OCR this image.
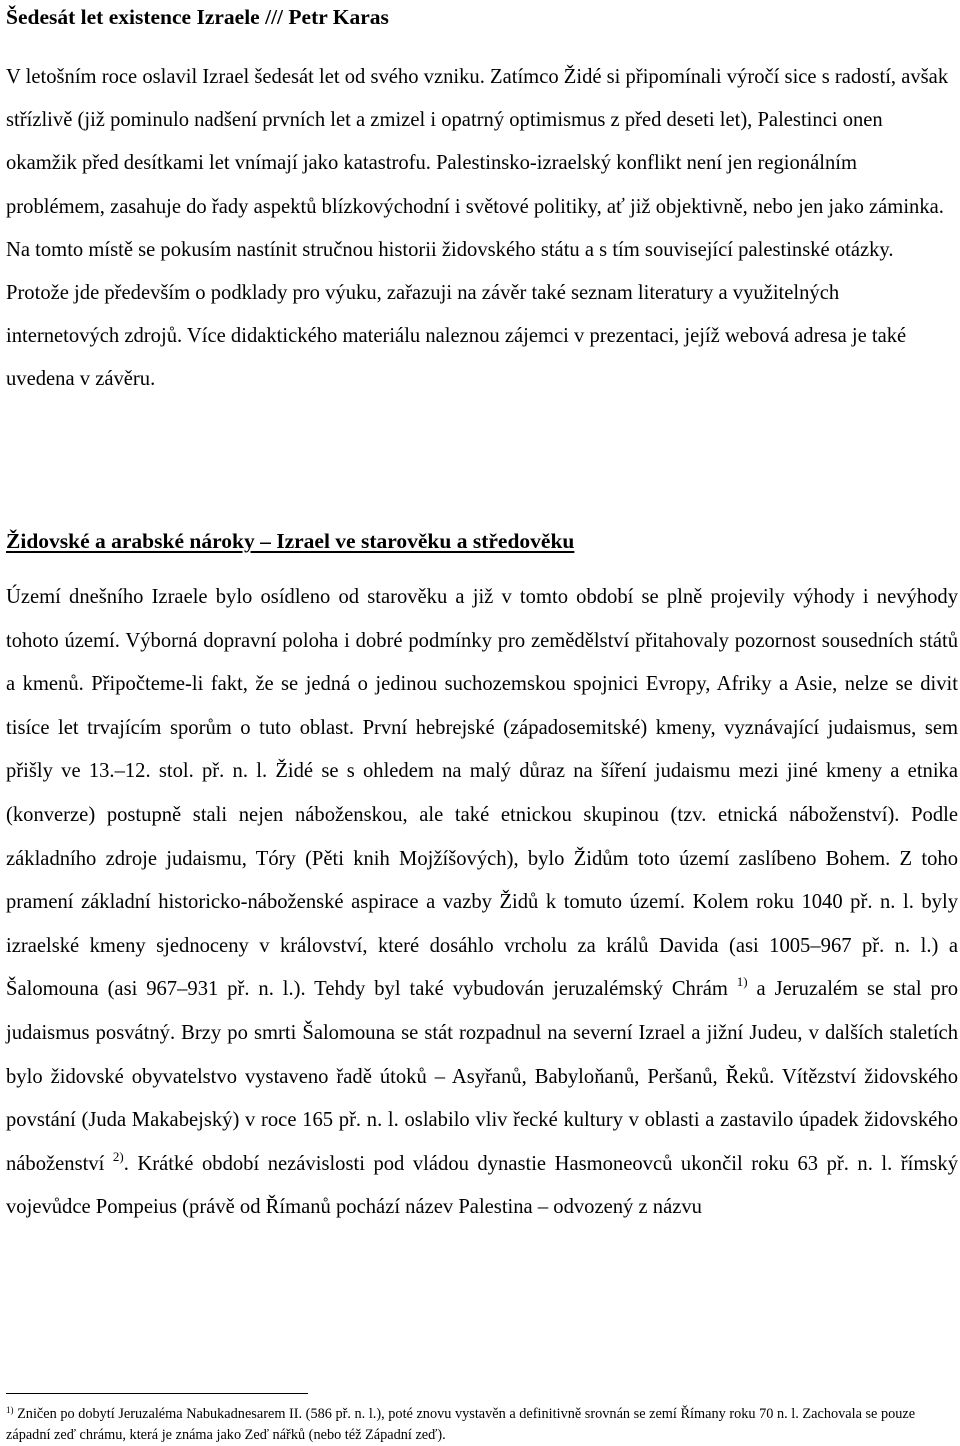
Šedesát let existence Izraele /// Petr Karas

V letošním roce oslavil Izrael šedesát let od svého vzniku. Zatímco Židé si připomínali výročí sice s radostí, avšak střízlivě (již pominulo nadšení prvních let a zmizel i opatrný optimismus z před deseti let), Palestinci onen okamžik před desítkami let vnímají jako katastrofu. Palestinsko-izraelský konflikt není jen regionálním problémem, zasahuje do řady aspektů blízkovýchodní i světové politiky, ať již objektivně, nebo jen jako záminka. Na tomto místě se pokusím nastínit stručnou historii židovského státu a s tím související palestinské otázky. Protože jde především o podklady pro výuku, zařazuji na závěr také seznam literatury a využitelných internetových zdrojů. Více didaktického materiálu naleznou zájemci v prezentaci, jejíž webová adresa je také uvedena v závěru.

Židovské a arabské nároky – Izrael ve starověku a středověku

Území dnešního Izraele bylo osídleno od starověku a již v tomto období se plně projevily výhody i nevýhody tohoto území. Výborná dopravní poloha i dobré podmínky pro zemědělství přitahovaly pozornost sousedních států a kmenů. Připočteme-li fakt, že se jedná o jedinou suchozemskou spojnici Evropy, Afriky a Asie, nelze se divit tisíce let trvajícím sporům o tuto oblast. První hebrejské (západosemitské) kmeny, vyznávající judaismus, sem přišly ve 13.–12. stol. př. n. l. Židé se s ohledem na malý důraz na šíření judaismu mezi jiné kmeny a etnika (konverze) postupně stali nejen náboženskou, ale také etnickou skupinou (tzv. etnická náboženství). Podle základního zdroje judaismu, Tóry (Pěti knih Mojžíšových), bylo Židům toto území zaslíbeno Bohem. Z toho pramení základní historicko-náboženské aspirace a vazby Židů k tomuto území. Kolem roku 1040 př. n. l. byly izraelské kmeny sjednoceny v království, které dosáhlo vrcholu za králů Davida (asi 1005–967 př. n. l.) a Šalomouna (asi 967–931 př. n. l.). Tehdy byl také vybudován jeruzalémský Chrám $^{1)}$ a Jeruzalém se stal pro judaismus posvátný. Brzy po smrti Šalomouna se stát rozpadnul na severní Izrael a jižní Judeu, v dalších staletích bylo židovské obyvatelstvo vystaveno řadě útoků – Asyřanů, Babyloňanů, Peršanů, Řeků. Vítězství židovského povstání (Juda Makabejský) v roce 165 př. n. l. oslabilo vliv řecké kultury v oblasti a zastavilo úpadek židovského náboženství $^{2)}$. Krátké období nezávislosti pod vládou dynastie Hasmoneovců ukončil roku 63 př. n. l. římský vojevůdce Pompeius (právě od Římanů pochází název Palestina – odvozený z názvu

$^{1)}$ Zničen po dobytí Jeruzaléma Nabukadnesarem II. (586 př. n. l.), poté znovu vystavěn a definitivně srovnán se zemí Římany roku 70 n. l. Zachovala se pouze západní zeď chrámu, která je známa jako Zeď nářků (nebo též Západní zeď).
